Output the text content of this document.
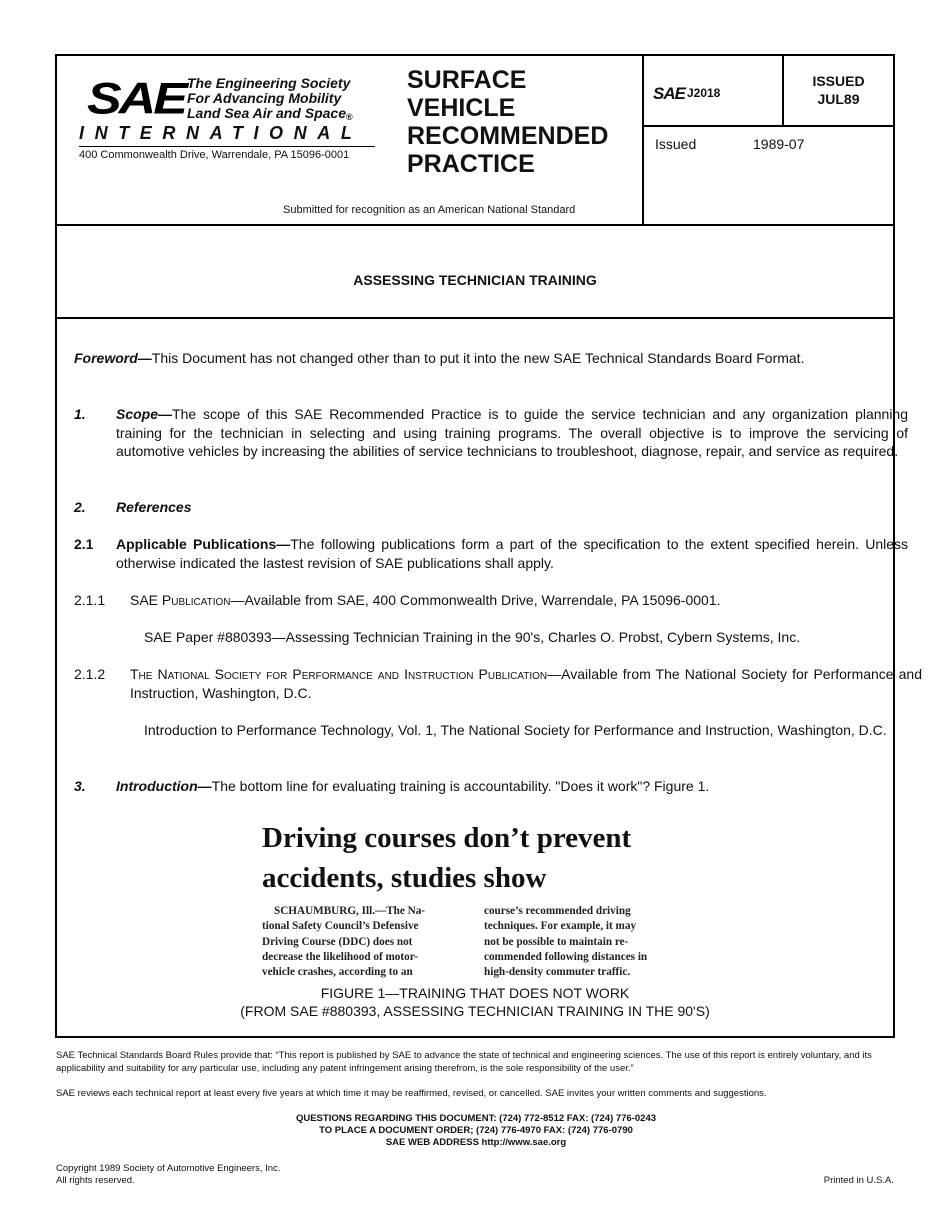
SAE The Engineering Society
For Advancing Mobility
Land Sea Air and Space®
INTERNATIONAL
400 Commonwealth Drive, Warrendale, PA 15096-0001
SURFACE
VEHICLE
RECOMMENDED
PRACTICE
Submitted for recognition as an American National Standard
SAE J2018
ISSUED
JUL89
Issued	1989-07
ASSESSING TECHNICIAN TRAINING
Foreword—This Document has not changed other than to put it into the new SAE Technical Standards Board Format.
1. Scope—The scope of this SAE Recommended Practice is to guide the service technician and any organization planning training for the technician in selecting and using training programs. The overall objective is to improve the servicing of automotive vehicles by increasing the abilities of service technicians to troubleshoot, diagnose, repair, and service as required.
2. References
2.1 Applicable Publications—The following publications form a part of the specification to the extent specified herein. Unless otherwise indicated the lastest revision of SAE publications shall apply.
2.1.1 SAE Publication—Available from SAE, 400 Commonwealth Drive, Warrendale, PA 15096-0001.
SAE Paper #880393—Assessing Technician Training in the 90's, Charles O. Probst, Cybern Systems, Inc.
2.1.2 The National Society for Performance and Instruction Publication—Available from The National Society for Performance and Instruction, Washington, D.C.
Introduction to Performance Technology, Vol. 1, The National Society for Performance and Instruction, Washington, D.C.
3. Introduction—The bottom line for evaluating training is accountability. "Does it work"? Figure 1.
Driving courses don’t prevent
accidents, studies show
SCHAUMBURG, Ill.—The Na-
tional Safety Council’s Defensive
Driving Course (DDC) does not
decrease the likelihood of motor-
vehicle crashes, according to an
course’s recommended driving
techniques. For example, it may
not be possible to maintain re-
commended following distances in
high-density commuter traffic.
FIGURE 1—TRAINING THAT DOES NOT WORK
(FROM SAE #880393, ASSESSING TECHNICIAN TRAINING IN THE 90'S)
SAE Technical Standards Board Rules provide that: “This report is published by SAE to advance the state of technical and engineering sciences. The use of this report is entirely voluntary, and its applicability and suitability for any particular use, including any patent infringement arising therefrom, is the sole responsibility of the user.”
SAE reviews each technical report at least every five years at which time it may be reaffirmed, revised, or cancelled. SAE invites your written comments and suggestions.
QUESTIONS REGARDING THIS DOCUMENT: (724) 772-8512 FAX: (724) 776-0243
TO PLACE A DOCUMENT ORDER; (724) 776-4970 FAX: (724) 776-0790
SAE WEB ADDRESS http://www.sae.org
Copyright 1989 Society of Automotive Engineers, Inc.
All rights reserved.	Printed in U.S.A.
